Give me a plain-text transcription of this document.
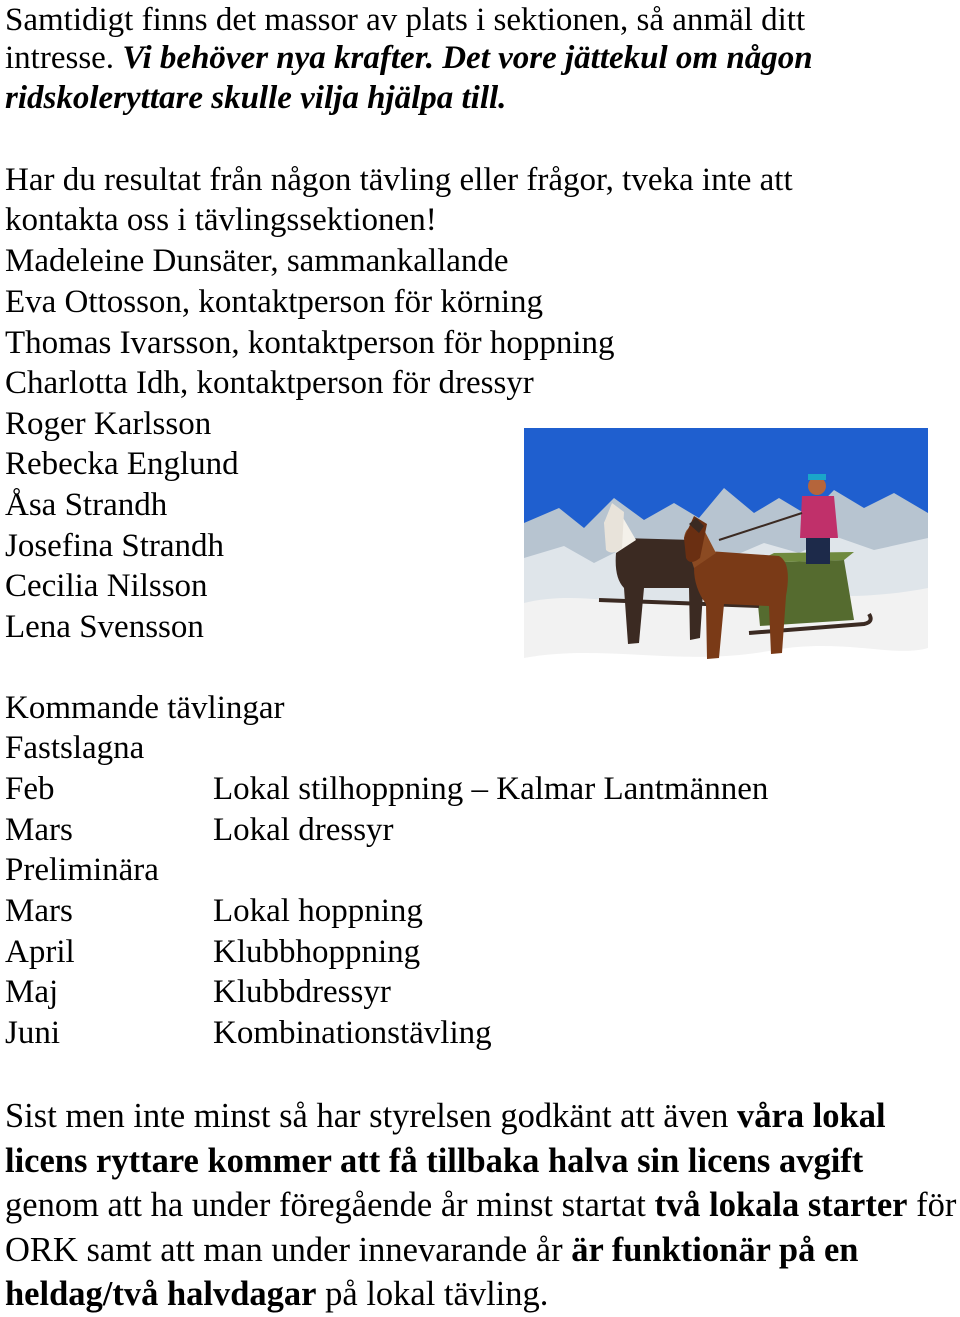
Samtidigt finns det massor av plats i sektionen, så anmäl ditt
intresse. Vi behöver nya krafter. Det vore jättekul om någon
ridskoleryttare skulle vilja hjälpa till.
Har du resultat från någon tävling eller frågor, tveka inte att
kontakta oss i tävlingssektionen!
Madeleine Dunsäter, sammankallande
Eva Ottosson, kontaktperson för körning
Thomas Ivarsson, kontaktperson för hoppning
Charlotta Idh, kontaktperson för dressyr
Roger Karlsson
Rebecka Englund
Åsa Strandh
Josefina Strandh
Cecilia Nilsson
Lena Svensson
Kommande tävlingar
Fastslagna
Feb	Lokal stilhoppning – Kalmar Lantmännen
Mars	Lokal dressyr
Preliminära
Mars	Lokal hoppning
April	Klubbhoppning
Maj	Klubbdressyr
Juni	Kombinationstävling
Sist men inte minst så har styrelsen godkänt att även våra lokal licens ryttare kommer att få tillbaka halva sin licens avgift genom att ha under föregående år minst startat två lokala starter för ORK samt att man under innevarande år är funktionär på en heldag/två halvdagar på lokal tävling.
